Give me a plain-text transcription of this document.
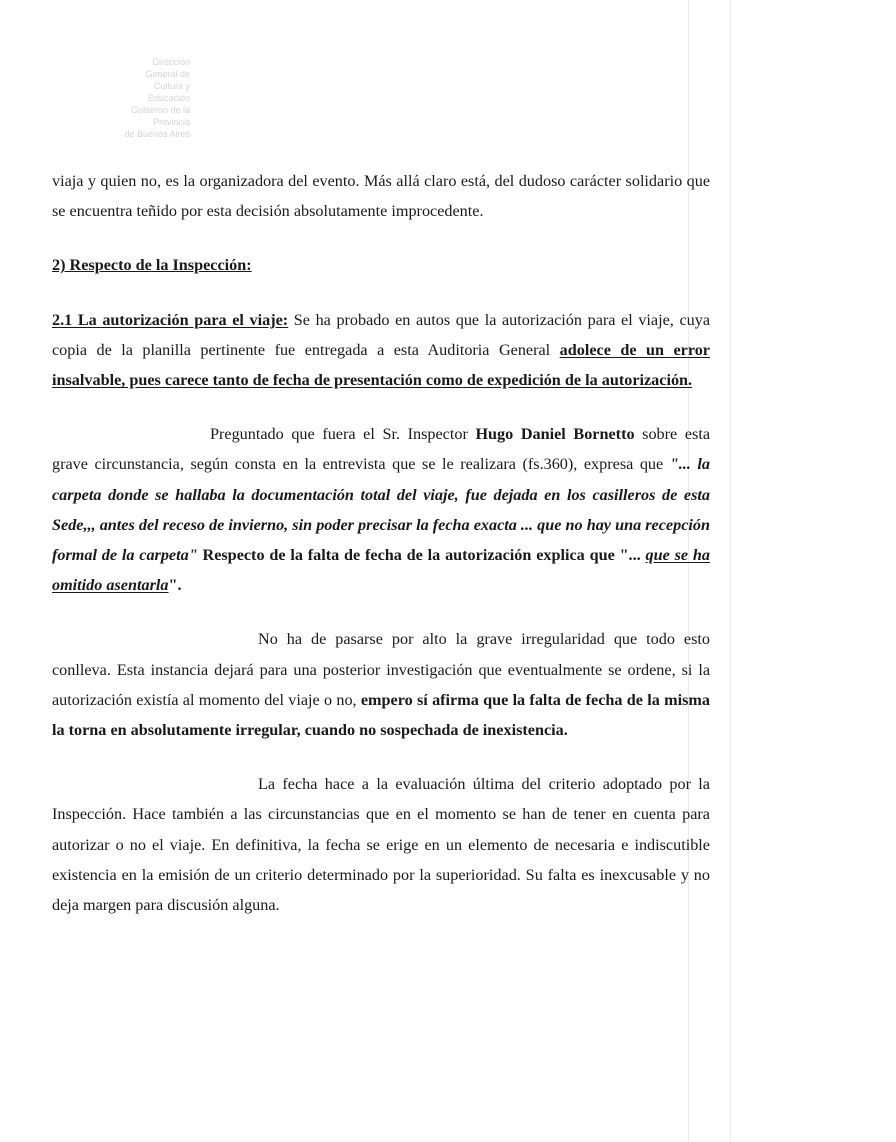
Dirección General de
Cultura y Educación
Gobierno de la Provincia
de Buenos Aires

viaja y quien no, es la organizadora del evento. Más allá claro está, del dudoso carácter solidario que se encuentra teñido por esta decisión absolutamente improcedente.

2) Respecto de la Inspección:

2.1 La autorización para el viaje: Se ha probado en autos que la autorización para el viaje, cuya copia de la planilla pertinente fue entregada a esta Auditoria General adolece de un error insalvable, pues carece tanto de fecha de presentación como de expedición de la autorización.

Preguntado que fuera el Sr. Inspector Hugo Daniel Bornetto sobre esta grave circunstancia, según consta en la entrevista que se le realizara (fs.360), expresa que "... la carpeta donde se hallaba la documentación total del viaje, fue dejada en los casilleros de esta Sede,,, antes del receso de invierno, sin poder precisar la fecha exacta ... que no hay una recepción formal de la carpeta" Respecto de la falta de fecha de la autorización explica que "... que se ha omitido asentarla".

No ha de pasarse por alto la grave irregularidad que todo esto conlleva. Esta instancia dejará para una posterior investigación que eventualmente se ordene, si la autorización existía al momento del viaje o no, empero sí afirma que la falta de fecha de la misma la torna en absolutamente irregular, cuando no sospechada de inexistencia.

La fecha hace a la evaluación última del criterio adoptado por la Inspección. Hace también a las circunstancias que en el momento se han de tener en cuenta para autorizar o no el viaje. En definitiva, la fecha se erige en un elemento de necesaria e indiscutible existencia en la emisión de un criterio determinado por la superioridad. Su falta es inexcusable y no deja margen para discusión alguna.
